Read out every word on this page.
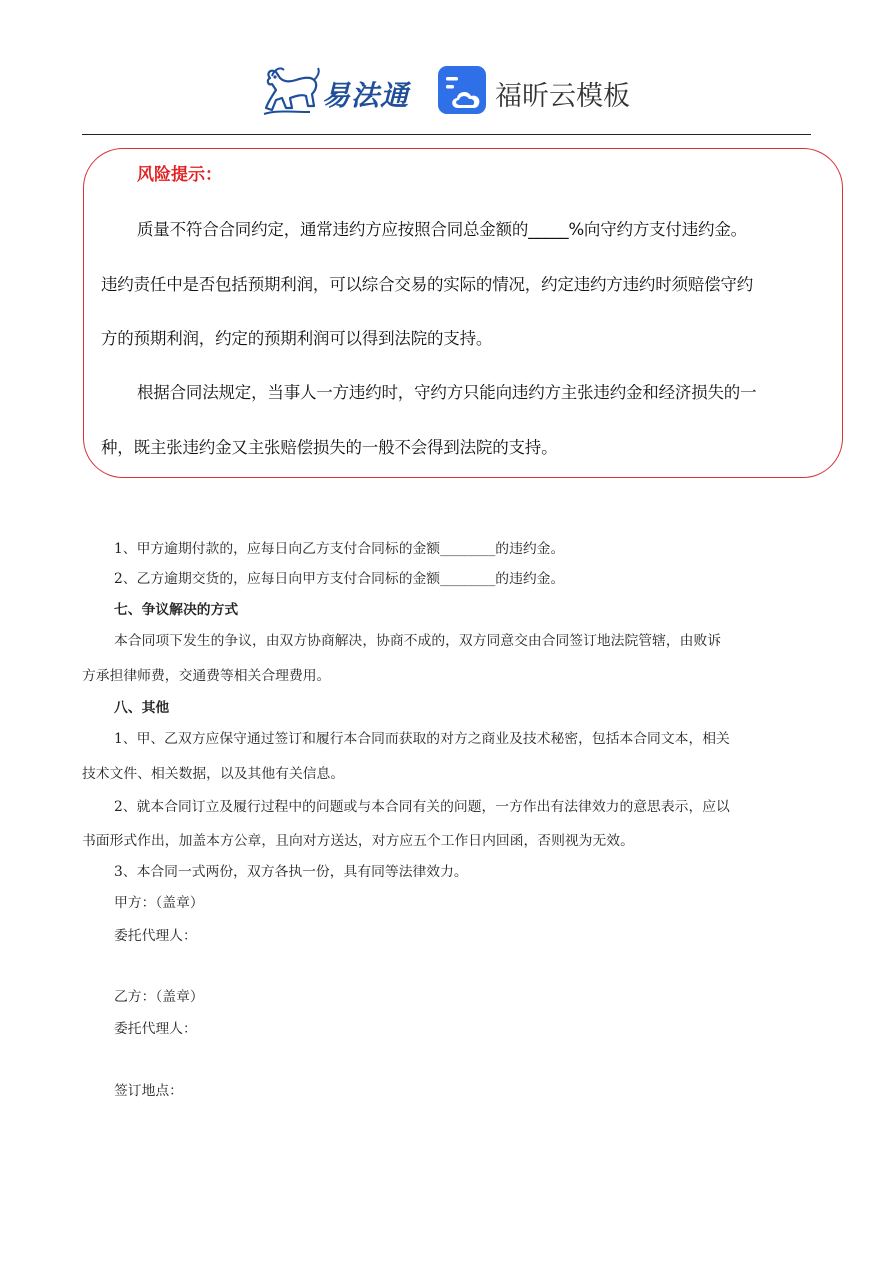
易法通	福昕云模板
风险提示：
质量不符合合同约定，通常违约方应按照合同总金额的_____%向守约方支付违约金。
违约责任中是否包括预期利润，可以综合交易的实际的情况，约定违约方违约时须赔偿守约
方的预期利润，约定的预期利润可以得到法院的支持。
根据合同法规定，当事人一方违约时，守约方只能向违约方主张违约金和经济损失的一
种，既主张违约金又主张赔偿损失的一般不会得到法院的支持。
1、甲方逾期付款的，应每日向乙方支付合同标的金额________的违约金。
2、乙方逾期交货的，应每日向甲方支付合同标的金额________的违约金。
七、争议解决的方式
本合同项下发生的争议，由双方协商解决，协商不成的，双方同意交由合同签订地法院管辖，由败诉
方承担律师费，交通费等相关合理费用。
八、其他
1、甲、乙双方应保守通过签订和履行本合同而获取的对方之商业及技术秘密，包括本合同文本，相关
技术文件、相关数据，以及其他有关信息。
2、就本合同订立及履行过程中的问题或与本合同有关的问题，一方作出有法律效力的意思表示，应以
书面形式作出，加盖本方公章，且向对方送达，对方应五个工作日内回函，否则视为无效。
3、本合同一式两份，双方各执一份，具有同等法律效力。
甲方：（盖章）
委托代理人：
乙方：（盖章）
委托代理人：
签订地点：
